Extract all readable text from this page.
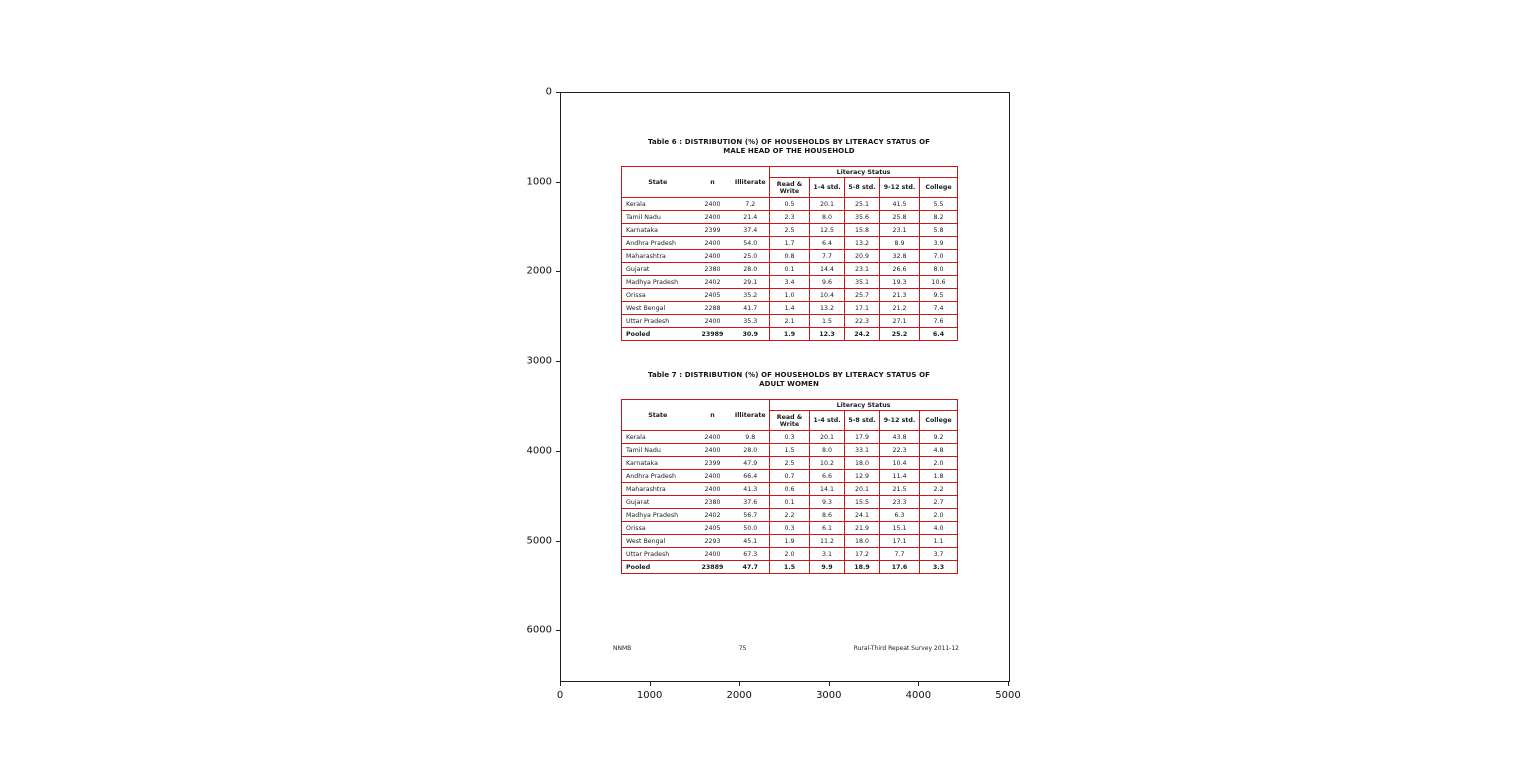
Table 6 : DISTRIBUTION (%) OF HOUSEHOLDS BY LITERACY STATUS OF
MALE HEAD OF THE HOUSEHOLD
State	n	Illiterate	Literacy Status				
			Read & Write	1-4 std.	5-8 std.	9-12 std.	College
Kerala	2400	7.2	0.5	20.1	25.1	41.5	5.5
Tamil Nadu	2400	21.4	2.3	8.0	35.6	25.8	8.2
Karnataka	2399	37.4	2.5	12.5	15.8	23.1	5.8
Andhra Pradesh	2400	54.0	1.7	6.4	13.2	8.9	3.9
Maharashtra	2400	25.0	0.8	7.7	20.9	32.8	7.0
Gujarat	2380	28.0	0.1	14.4	23.1	26.6	8.0
Madhya Pradesh	2402	29.1	3.4	9.6	35.1	19.3	10.6
Orissa	2405	35.2	1.0	10.4	25.7	21.3	9.5
West Bengal	2288	41.7	1.4	13.2	17.1	21.2	7.4
Uttar Pradesh	2400	35.3	2.1	1.5	22.3	27.1	7.6
Pooled	23989	30.9	1.9	12.3	24.2	25.2	6.4
Table 7 : DISTRIBUTION (%) OF HOUSEHOLDS BY LITERACY STATUS OF
ADULT WOMEN
State	n	Illiterate	Literacy Status				
			Read & Write	1-4 std.	5-8 std.	9-12 std.	College
Kerala	2400	9.8	0.3	20.1	17.9	43.8	9.2
Tamil Nadu	2400	28.0	1.5	8.0	33.1	22.3	4.8
Karnataka	2399	47.9	2.5	10.2	18.0	10.4	2.0
Andhra Pradesh	2400	66.4	0.7	6.6	12.9	11.4	1.8
Maharashtra	2400	41.3	0.6	14.1	20.1	21.5	2.2
Gujarat	2380	37.6	0.1	9.3	15.5	23.3	2.7
Madhya Pradesh	2402	56.7	2.2	8.6	24.1	6.3	2.0
Orissa	2405	50.0	0.3	6.1	21.9	15.1	4.0
West Bengal	2293	45.1	1.9	11.2	18.0	17.1	1.1
Uttar Pradesh	2400	67.3	2.0	3.1	17.2	7.7	3.7
Pooled	23889	47.7	1.5	9.9	18.9	17.6	3.3
NNMB	75	Rural-Third Repeat Survey 2011-12
0
1000
2000
3000
4000
5000
6000
0	1000	2000	3000	4000	5000
